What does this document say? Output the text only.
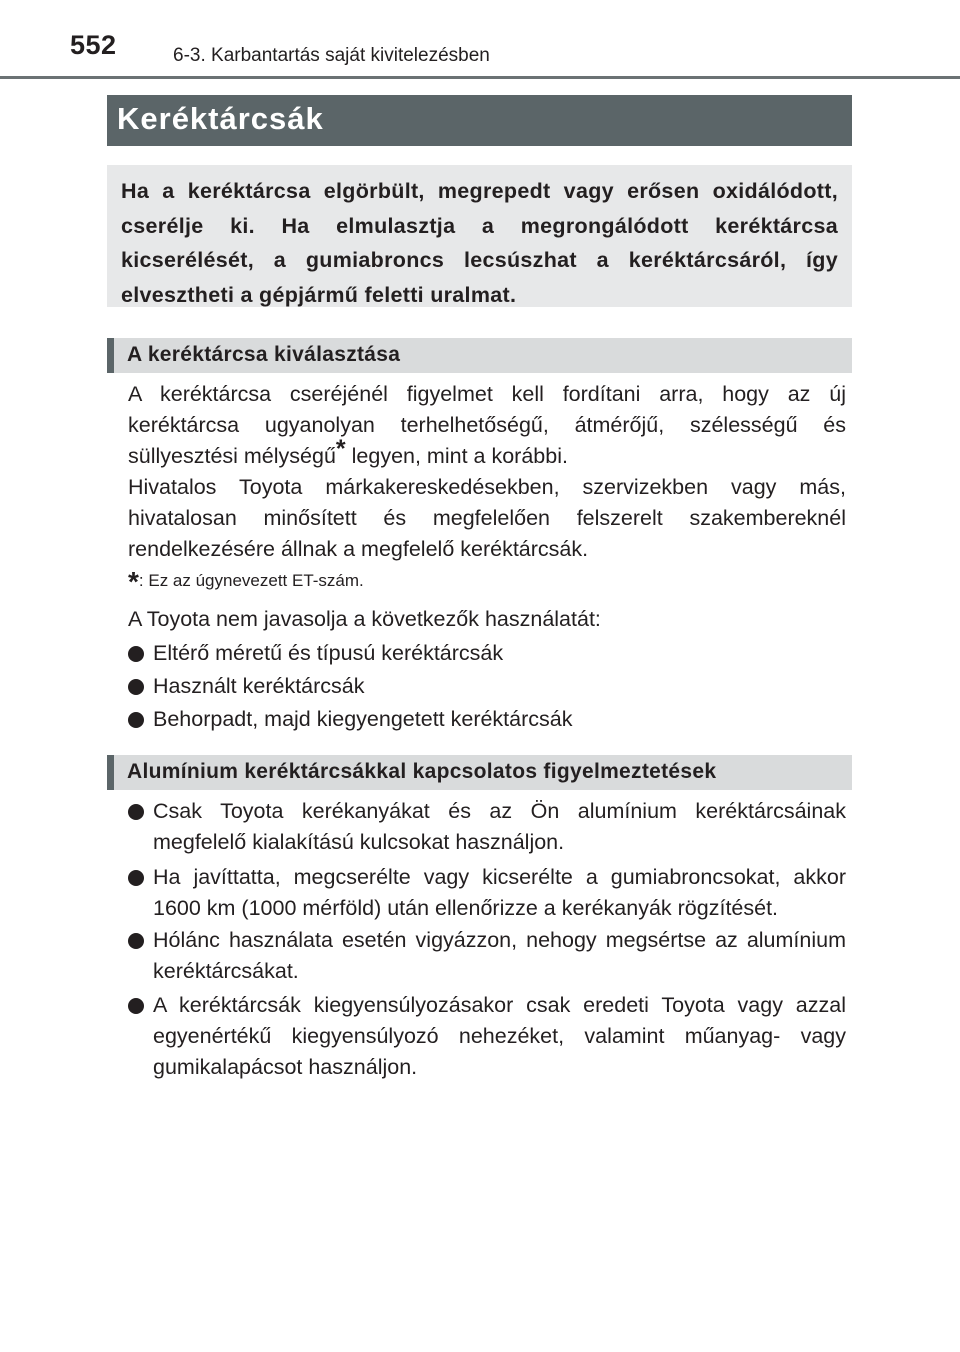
552	6-3. Karbantartás saját kivitelezésben
Keréktárcsák
Ha a keréktárcsa elgörbült, megrepedt vagy erősen oxidálódott, cserélje ki. Ha elmulasztja a megrongálódott keréktárcsa kicserélését, a gumiabroncs lecsúszhat a keréktárcsáról, így elvesztheti a gépjármű feletti uralmat.
A keréktárcsa kiválasztása
A keréktárcsa cseréjénél figyelmet kell fordítani arra, hogy az új keréktárcsa ugyanolyan terhelhetőségű, átmérőjű, szélességű és süllyesztési mélységű* legyen, mint a korábbi.
Hivatalos Toyota márkakereskedésekben, szervizekben vagy más, hivatalosan minősített és megfelelően felszerelt szakembereknél rendelkezésére állnak a megfelelő keréktárcsák.
*: Ez az úgynevezett ET-szám.
A Toyota nem javasolja a következők használatát:
Eltérő méretű és típusú keréktárcsák
Használt keréktárcsák
Behorpadt, majd kiegyengetett keréktárcsák
Alumínium keréktárcsákkal kapcsolatos figyelmeztetések
Csak Toyota kerékanyákat és az Ön alumínium keréktárcsáinak megfelelő kialakítású kulcsokat használjon.
Ha javíttatta, megcserélte vagy kicserélte a gumiabroncsokat, akkor 1600 km (1000 mérföld) után ellenőrizze a kerékanyák rögzítését.
Hólánc használata esetén vigyázzon, nehogy megsértse az alumínium keréktárcsákat.
A keréktárcsák kiegyensúlyozásakor csak eredeti Toyota vagy azzal egyenértékű kiegyensúlyozó nehezéket, valamint műanyag- vagy gumikalapácsot használjon.
